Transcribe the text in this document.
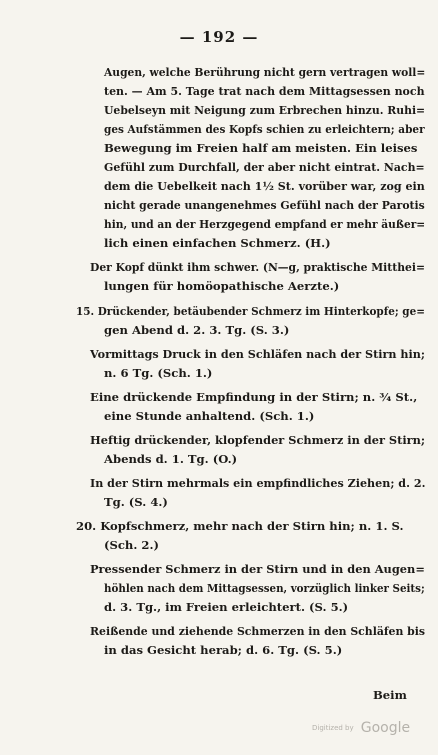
— 192 —
Augen, welche Berührung nicht gern vertragen woll=
ten. — Am 5. Tage trat nach dem Mittagsessen noch
Uebelseyn mit Neigung zum Erbrechen hinzu. Ruhi=
ges Aufstämmen des Kopfs schien zu erleichtern; aber
Bewegung im Freien half am meisten. Ein leises
Gefühl zum Durchfall, der aber nicht eintrat. Nach=
dem die Uebelkeit nach 1½ St. vorüber war, zog ein
nicht gerade unangenehmes Gefühl nach der Parotis
hin, und an der Herzgegend empfand er mehr äußer=
lich einen einfachen Schmerz. (H.)
Der Kopf dünkt ihm schwer. (N—g, praktische Mitthei=
lungen für homöopathische Aerzte.)
15. Drückender, betäubender Schmerz im Hinterkopfe; ge=
gen Abend d. 2. 3. Tg. (S. 3.)
Vormittags Druck in den Schläfen nach der Stirn hin;
n. 6 Tg. (Sch. 1.)
Eine drückende Empfindung in der Stirn; n. ¾ St.,
eine Stunde anhaltend. (Sch. 1.)
Heftig drückender, klopfender Schmerz in der Stirn;
Abends d. 1. Tg. (O.)
In der Stirn mehrmals ein empfindliches Ziehen; d. 2.
Tg. (S. 4.)
20. Kopfschmerz, mehr nach der Stirn hin; n. 1. S.
(Sch. 2.)
Pressender Schmerz in der Stirn und in den Augen=
höhlen nach dem Mittagsessen, vorzüglich linker Seits;
d. 3. Tg., im Freien erleichtert. (S. 5.)
Reißende und ziehende Schmerzen in den Schläfen bis
in das Gesicht herab; d. 6. Tg. (S. 5.)
Beim
Digitized by Google
